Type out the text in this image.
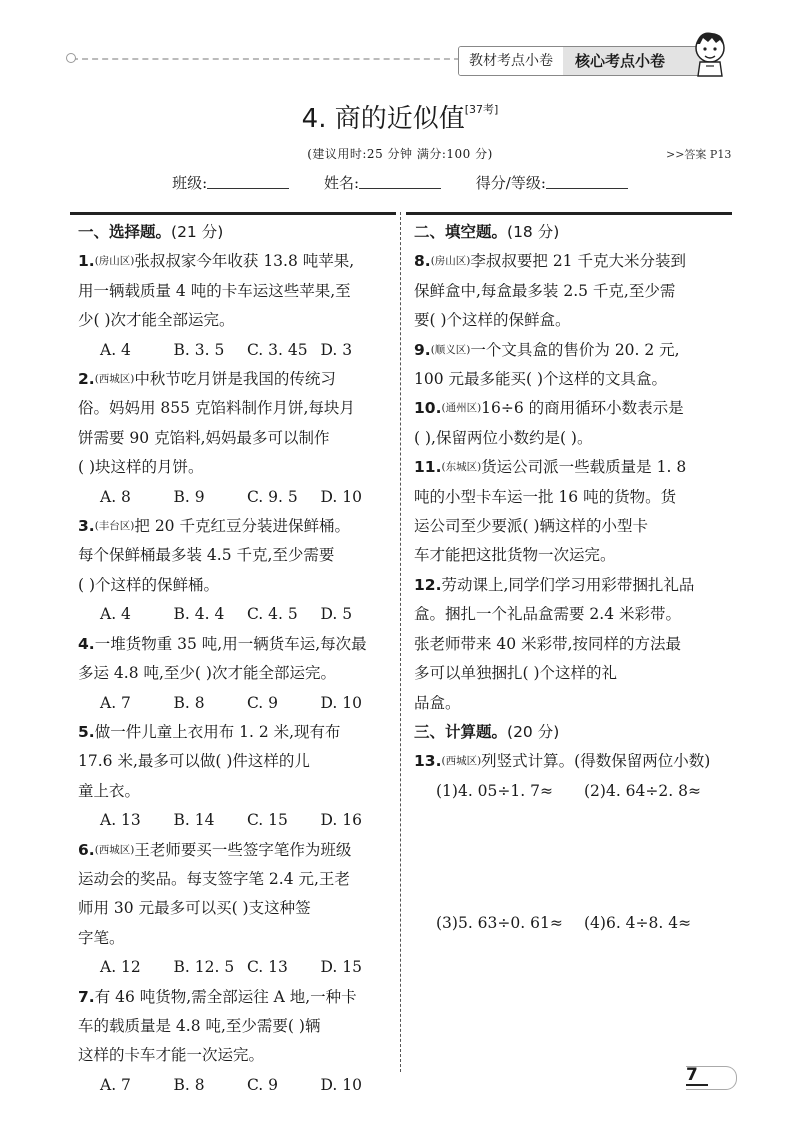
教材考点小卷	核心考点小卷
4. 商的近似值[37考]
(建议用时:25 分钟 满分:100 分)	>>答案 P13
班级:	姓名:	得分/等级:
一、选择题。 (21 分)
1. (房山区) 张叔叔家今年收获 13.8 吨苹果,
用一辆载质量 4 吨的卡车运这些苹果,至
少( )次才能全部运完。
A. 4	B. 3. 5	C. 3. 45 D. 3
2. (西城区) 中秋节吃月饼是我国的传统习
俗。妈妈用 855 克馅料制作月饼,每块月
饼需要 90 克馅料,妈妈最多可以制作
( )块这样的月饼。
A. 8	B. 9	C. 9. 5	D. 10
3. (丰台区) 把 20 千克红豆分装进保鲜桶。
每个保鲜桶最多装 4.5 千克,至少需要
( )个这样的保鲜桶。
A. 4	B. 4. 4	C. 4. 5	D. 5
4. 一堆货物重 35 吨,用一辆货车运,每次最
多运 4.8 吨,至少( )次才能全部运完。
A. 7	B. 8	C. 9	D. 10
5. 做一件儿童上衣用布 1. 2 米,现有布
17.6 米,最多可以做( )件这样的儿
童上衣。
A. 13	B. 14	C. 15	D. 16
6. (西城区) 王老师要买一些签字笔作为班级
运动会的奖品。每支签字笔 2.4 元,王老
师用 30 元最多可以买( )支这种签
字笔。
A. 12	B. 12. 5 C. 13	D. 15
7. 有 46 吨货物,需全部运往 A 地,一种卡
车的载质量是 4.8 吨,至少需要( )辆
这样的卡车才能一次运完。
A. 7	B. 8	C. 9	D. 10
二、填空题。 (18 分)
8. (房山区) 李叔叔要把 21 千克大米分装到
保鲜盒中,每盒最多装 2.5 千克,至少需
要( )个这样的保鲜盒。
9. (顺义区) 一个文具盒的售价为 20. 2 元,
100 元最多能买( )个这样的文具盒。
10. (通州区) 16÷6 的商用循环小数表示是
( ),保留两位小数约是( )。
11. (东城区) 货运公司派一些载质量是 1. 8
吨的小型卡车运一批 16 吨的货物。货
运公司至少要派( )辆这样的小型卡
车才能把这批货物一次运完。
12. 劳动课上,同学们学习用彩带捆扎礼品
盒。捆扎一个礼品盒需要 2.4 米彩带。
张老师带来 40 米彩带,按同样的方法最
多可以单独捆扎( )个这样的礼
品盒。
三、计算题。 (20 分)
13. (西城区) 列竖式计算。(得数保留两位小数)
(1)4. 05÷1. 7≈	(2)4. 64÷2. 8≈
(3)5. 63÷0. 61≈	(4)6. 4÷8. 4≈
7
